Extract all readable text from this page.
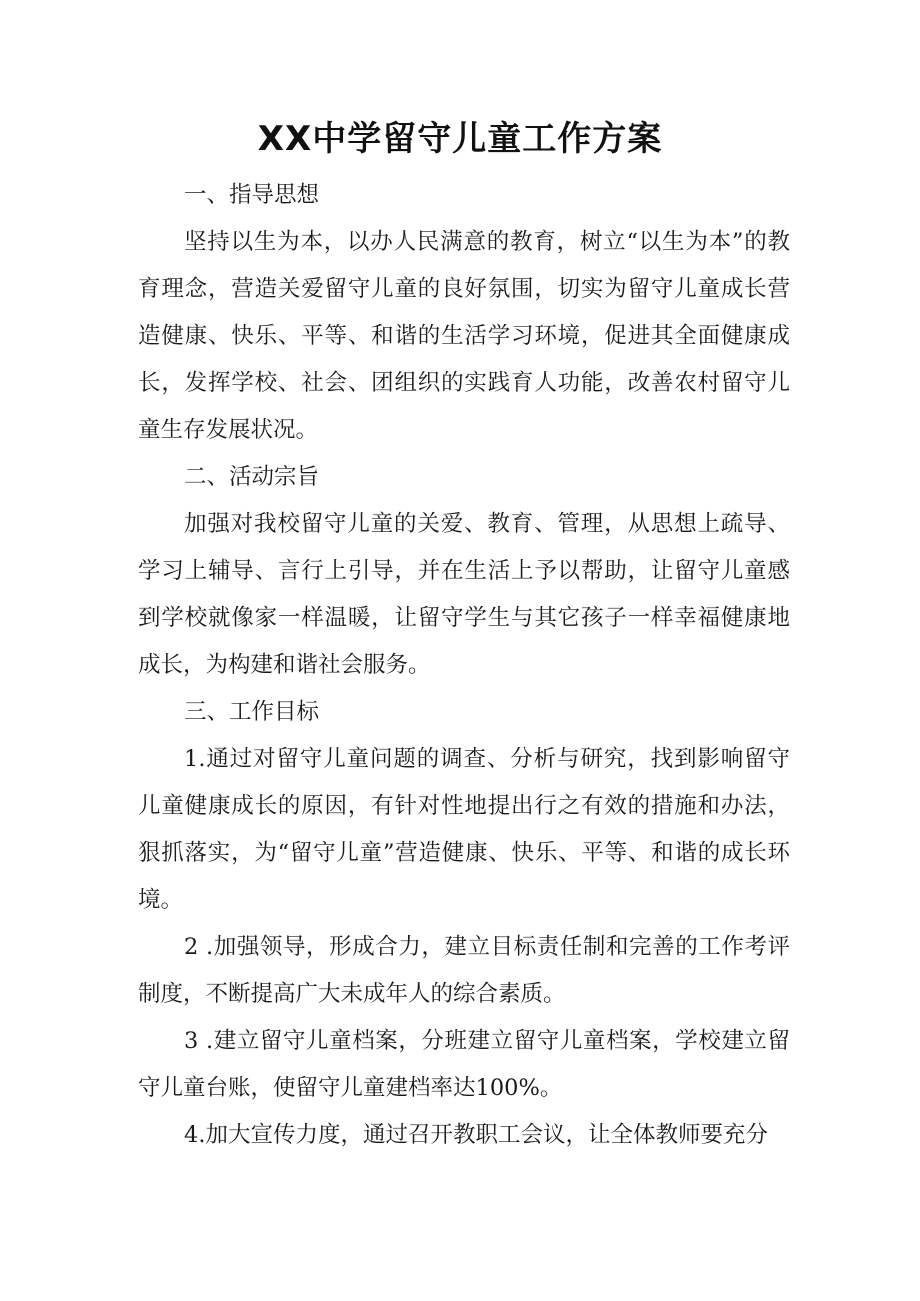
XX中学留守儿童工作方案

一、指导思想

坚持以生为本，以办人民满意的教育，树立“以生为本”的教育理念，营造关爱留守儿童的良好氛围，切实为留守儿童成长营造健康、快乐、平等、和谐的生活学习环境，促进其全面健康成长，发挥学校、社会、团组织的实践育人功能，改善农村留守儿童生存发展状况。

二、活动宗旨

加强对我校留守儿童的关爱、教育、管理，从思想上疏导、学习上辅导、言行上引导，并在生活上予以帮助，让留守儿童感到学校就像家一样温暖，让留守学生与其它孩子一样幸福健康地成长，为构建和谐社会服务。

三、工作目标

1.通过对留守儿童问题的调查、分析与研究，找到影响留守儿童健康成长的原因，有针对性地提出行之有效的措施和办法，狠抓落实，为“留守儿童”营造健康、快乐、平等、和谐的成长环境。

2 .加强领导，形成合力，建立目标责任制和完善的工作考评制度，不断提高广大未成年人的综合素质。

3 .建立留守儿童档案，分班建立留守儿童档案，学校建立留守儿童台账，使留守儿童建档率达100%。

4.加大宣传力度，通过召开教职工会议，让全体教师要充分
